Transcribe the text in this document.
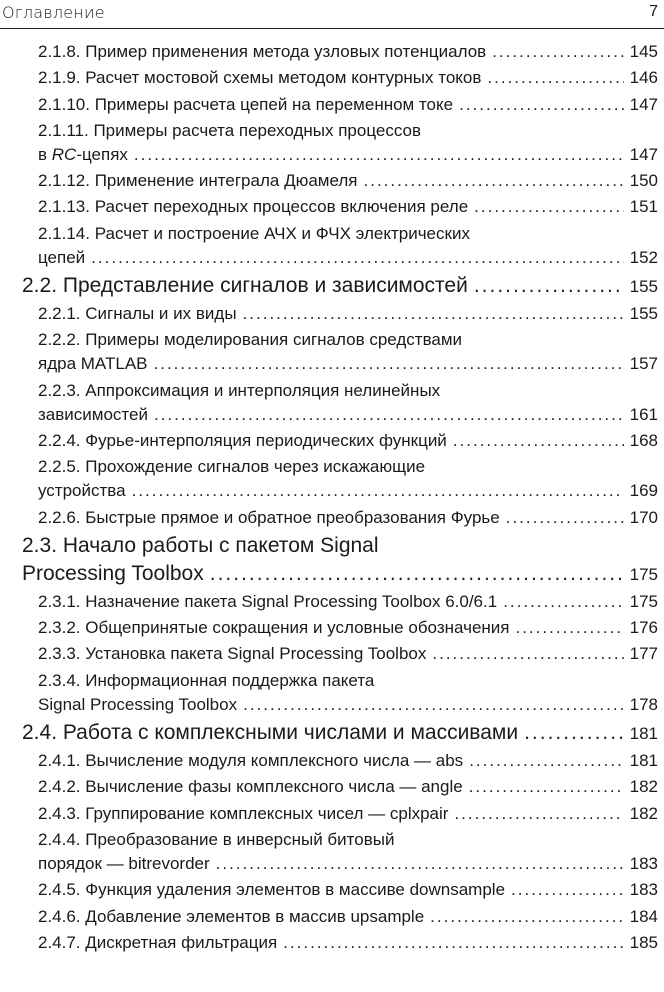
Оглавление	7
2.1.8. Пример применения метода узловых потенциалов .....	145
2.1.9. Расчет мостовой схемы методом контурных токов .....	146
2.1.10. Примеры расчета цепей на переменном токе .....	147
2.1.11. Примеры расчета переходных процессов
в RC-цепях .....	147
2.1.12. Применение интеграла Дюамеля .....	150
2.1.13. Расчет переходных процессов включения реле .....	151
2.1.14. Расчет и построение АЧХ и ФЧХ электрических
цепей .....	152
2.2. Представление сигналов и зависимостей .....	155
2.2.1. Сигналы и их виды .....	155
2.2.2. Примеры моделирования сигналов средствами
ядра MATLAB .....	157
2.2.3. Аппроксимация и интерполяция нелинейных
зависимостей .....	161
2.2.4. Фурье-интерполяция периодических функций .....	168
2.2.5. Прохождение сигналов через искажающие
устройства .....	169
2.2.6. Быстрые прямое и обратное преобразования Фурье .....	170
2.3. Начало работы с пакетом Signal
Processing Toolbox .....	175
2.3.1. Назначение пакета Signal Processing Toolbox 6.0/6.1 .....	175
2.3.2. Общепринятые сокращения и условные обозначения .....	176
2.3.3. Установка пакета Signal Processing Toolbox .....	177
2.3.4. Информационная поддержка пакета
Signal Processing Toolbox .....	178
2.4. Работа с комплексными числами и массивами .....	181
2.4.1. Вычисление модуля комплексного числа — abs .....	181
2.4.2. Вычисление фазы комплексного числа — angle .....	182
2.4.3. Группирование комплексных чисел — cplxpair .....	182
2.4.4. Преобразование в инверсный битовый
порядок — bitrevorder .....	183
2.4.5. Функция удаления элементов в массиве downsample .....	183
2.4.6. Добавление элементов в массив upsample .....	184
2.4.7. Дискретная фильтрация .....	185
